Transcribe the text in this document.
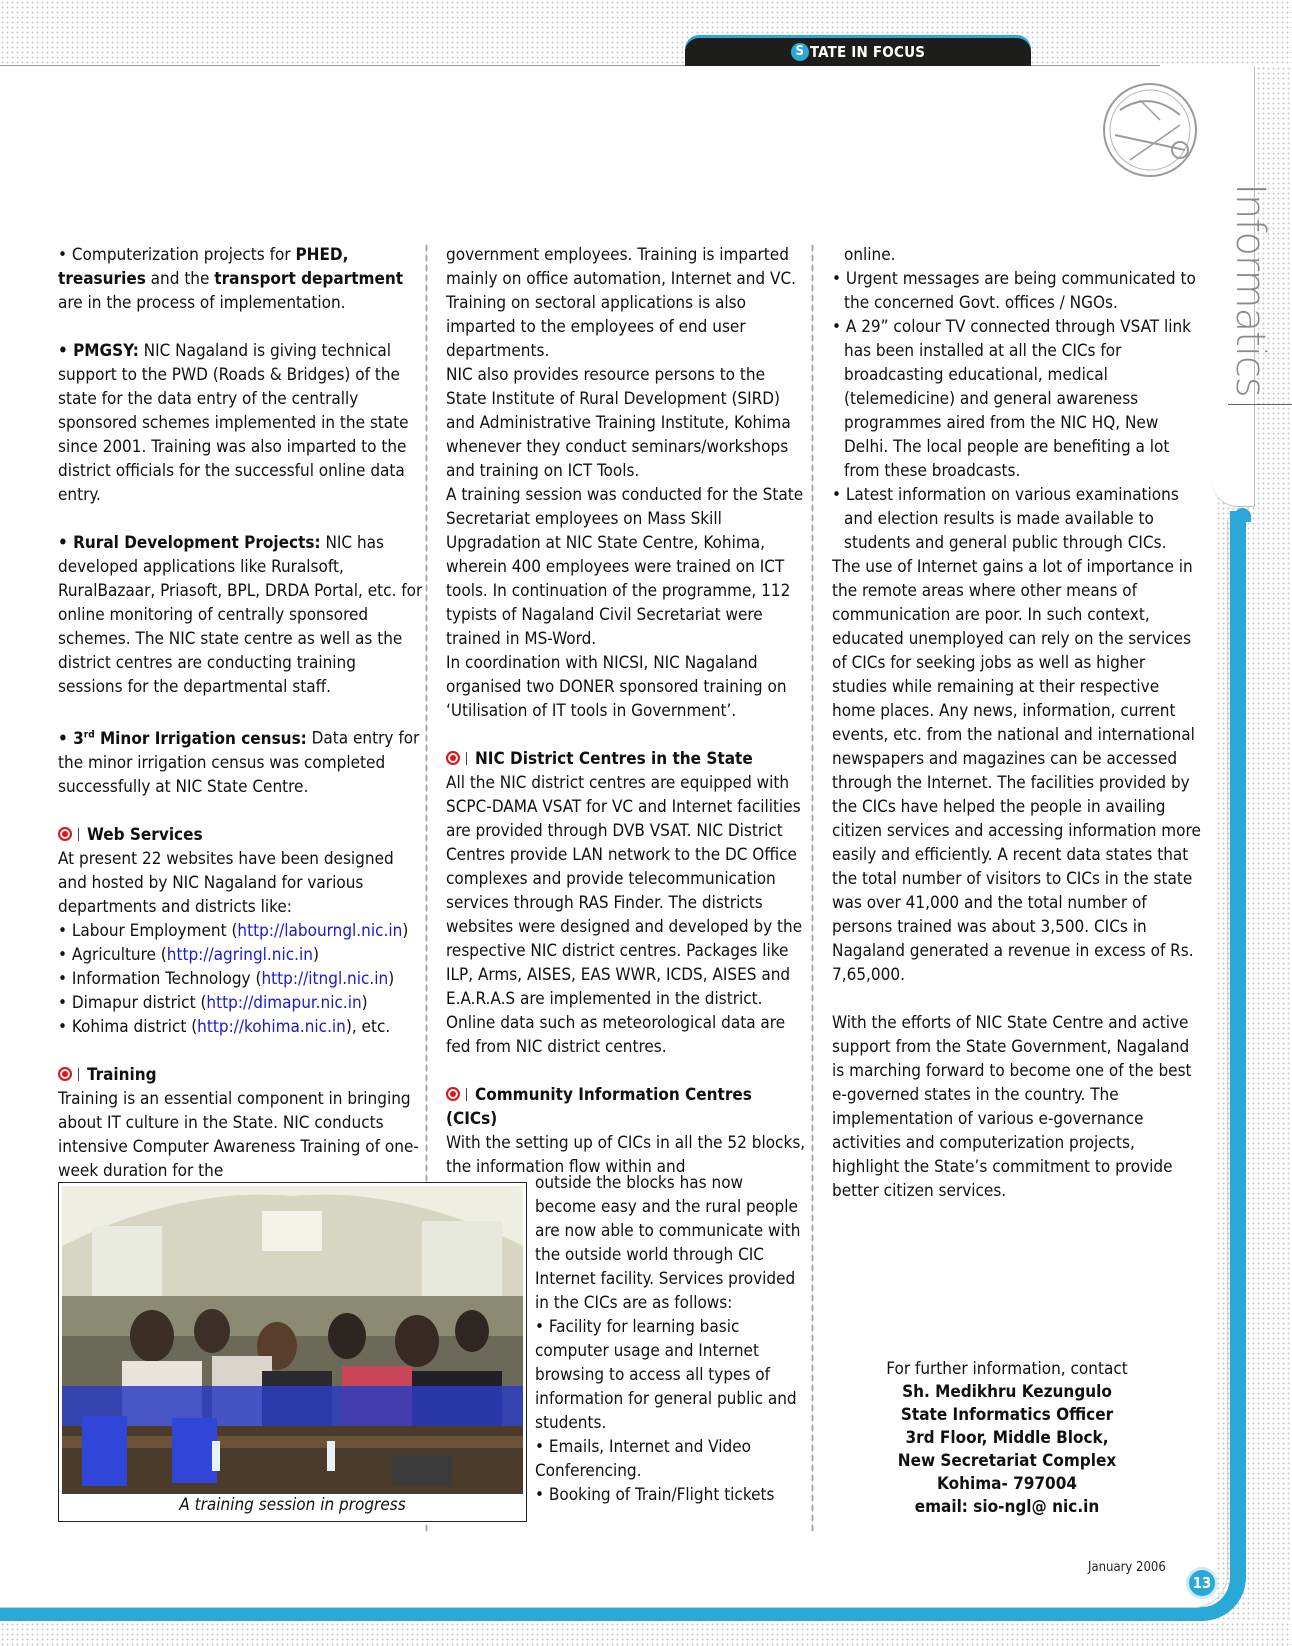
S TATE IN FOCUS
Informatics

• Computerization projects for PHED, treasuries and the transport department are in the process of implementation.

• PMGSY: NIC Nagaland is giving technical support to the PWD (Roads & Bridges) of the state for the data entry of the centrally sponsored schemes implemented in the state since 2001. Training was also imparted to the district officials for the successful online data entry.

• Rural Development Projects: NIC has developed applications like Ruralsoft, RuralBazaar, Priasoft, BPL, DRDA Portal, etc. for online monitoring of centrally sponsored schemes. The NIC state centre as well as the district centres are conducting training sessions for the departmental staff.

• 3rd Minor Irrigation census: Data entry for the minor irrigation census was completed successfully at NIC State Centre.

Web Services

At present 22 websites have been designed and hosted by NIC Nagaland for various departments and districts like:

• Labour Employment (http://labourngl.nic.in)

• Agriculture (http://agringl.nic.in)

• Information Technology (http://itngl.nic.in)

• Dimapur district (http://dimapur.nic.in)

• Kohima district (http://kohima.nic.in), etc.

Training

Training is an essential component in bringing about IT culture in the State. NIC conducts intensive Computer Awareness Training of one-week duration for the

A training session in progress

government employees. Training is imparted mainly on office automation, Internet and VC. Training on sectoral applications is also imparted to the employees of end user departments.

NIC also provides resource persons to the State Institute of Rural Development (SIRD) and Administrative Training Institute, Kohima whenever they conduct seminars/workshops and training on ICT Tools.

A training session was conducted for the State Secretariat employees on Mass Skill Upgradation at NIC State Centre, Kohima, wherein 400 employees were trained on ICT tools. In continuation of the programme, 112 typists of Nagaland Civil Secretariat were trained in MS-Word.

In coordination with NICSI, NIC Nagaland organised two DONER sponsored training on ‘Utilisation of IT tools in Government’.

NIC District Centres in the State

All the NIC district centres are equipped with SCPC-DAMA VSAT for VC and Internet facilities are provided through DVB VSAT. NIC District Centres provide LAN network to the DC Office complexes and provide telecommunication services through RAS Finder. The districts websites were designed and developed by the respective NIC district centres. Packages like ILP, Arms, AISES, EAS WWR, ICDS, AISES and E.A.R.A.S are implemented in the district. Online data such as meteorological data are fed from NIC district centres.

Community Information Centres (CICs)

With the setting up of CICs in all the 52 blocks, the information flow within and

outside the blocks has now become easy and the rural people are now able to communicate with the outside world through CIC Internet facility. Services provided in the CICs are as follows:

• Facility for learning basic computer usage and Internet browsing to access all types of information for general public and students.

• Emails, Internet and Video Conferencing.

• Booking of Train/Flight tickets

online.

• Urgent messages are being communicated to the concerned Govt. offices / NGOs.

• A 29” colour TV connected through VSAT link has been installed at all the CICs for broadcasting educational, medical (telemedicine) and general awareness programmes aired from the NIC HQ, New Delhi. The local people are benefiting a lot from these broadcasts.

• Latest information on various examinations and election results is made available to students and general public through CICs.

The use of Internet gains a lot of importance in the remote areas where other means of communication are poor. In such context, educated unemployed can rely on the services of CICs for seeking jobs as well as higher studies while remaining at their respective home places. Any news, information, current events, etc. from the national and international newspapers and magazines can be accessed through the Internet. The facilities provided by the CICs have helped the people in availing citizen services and accessing information more easily and efficiently. A recent data states that the total number of visitors to CICs in the state was over 41,000 and the total number of persons trained was about 3,500. CICs in Nagaland generated a revenue in excess of Rs. 7,65,000.

With the efforts of NIC State Centre and active support from the State Government, Nagaland is marching forward to become one of the best e-governed states in the country. The implementation of various e-governance activities and computerization projects, highlight the State’s commitment to provide better citizen services.

For further information, contact
Sh. Medikhru Kezungulo
State Informatics Officer
3rd Floor, Middle Block,
New Secretariat Complex
Kohima- 797004
email: sio-ngl@ nic.in
January 2006
13
